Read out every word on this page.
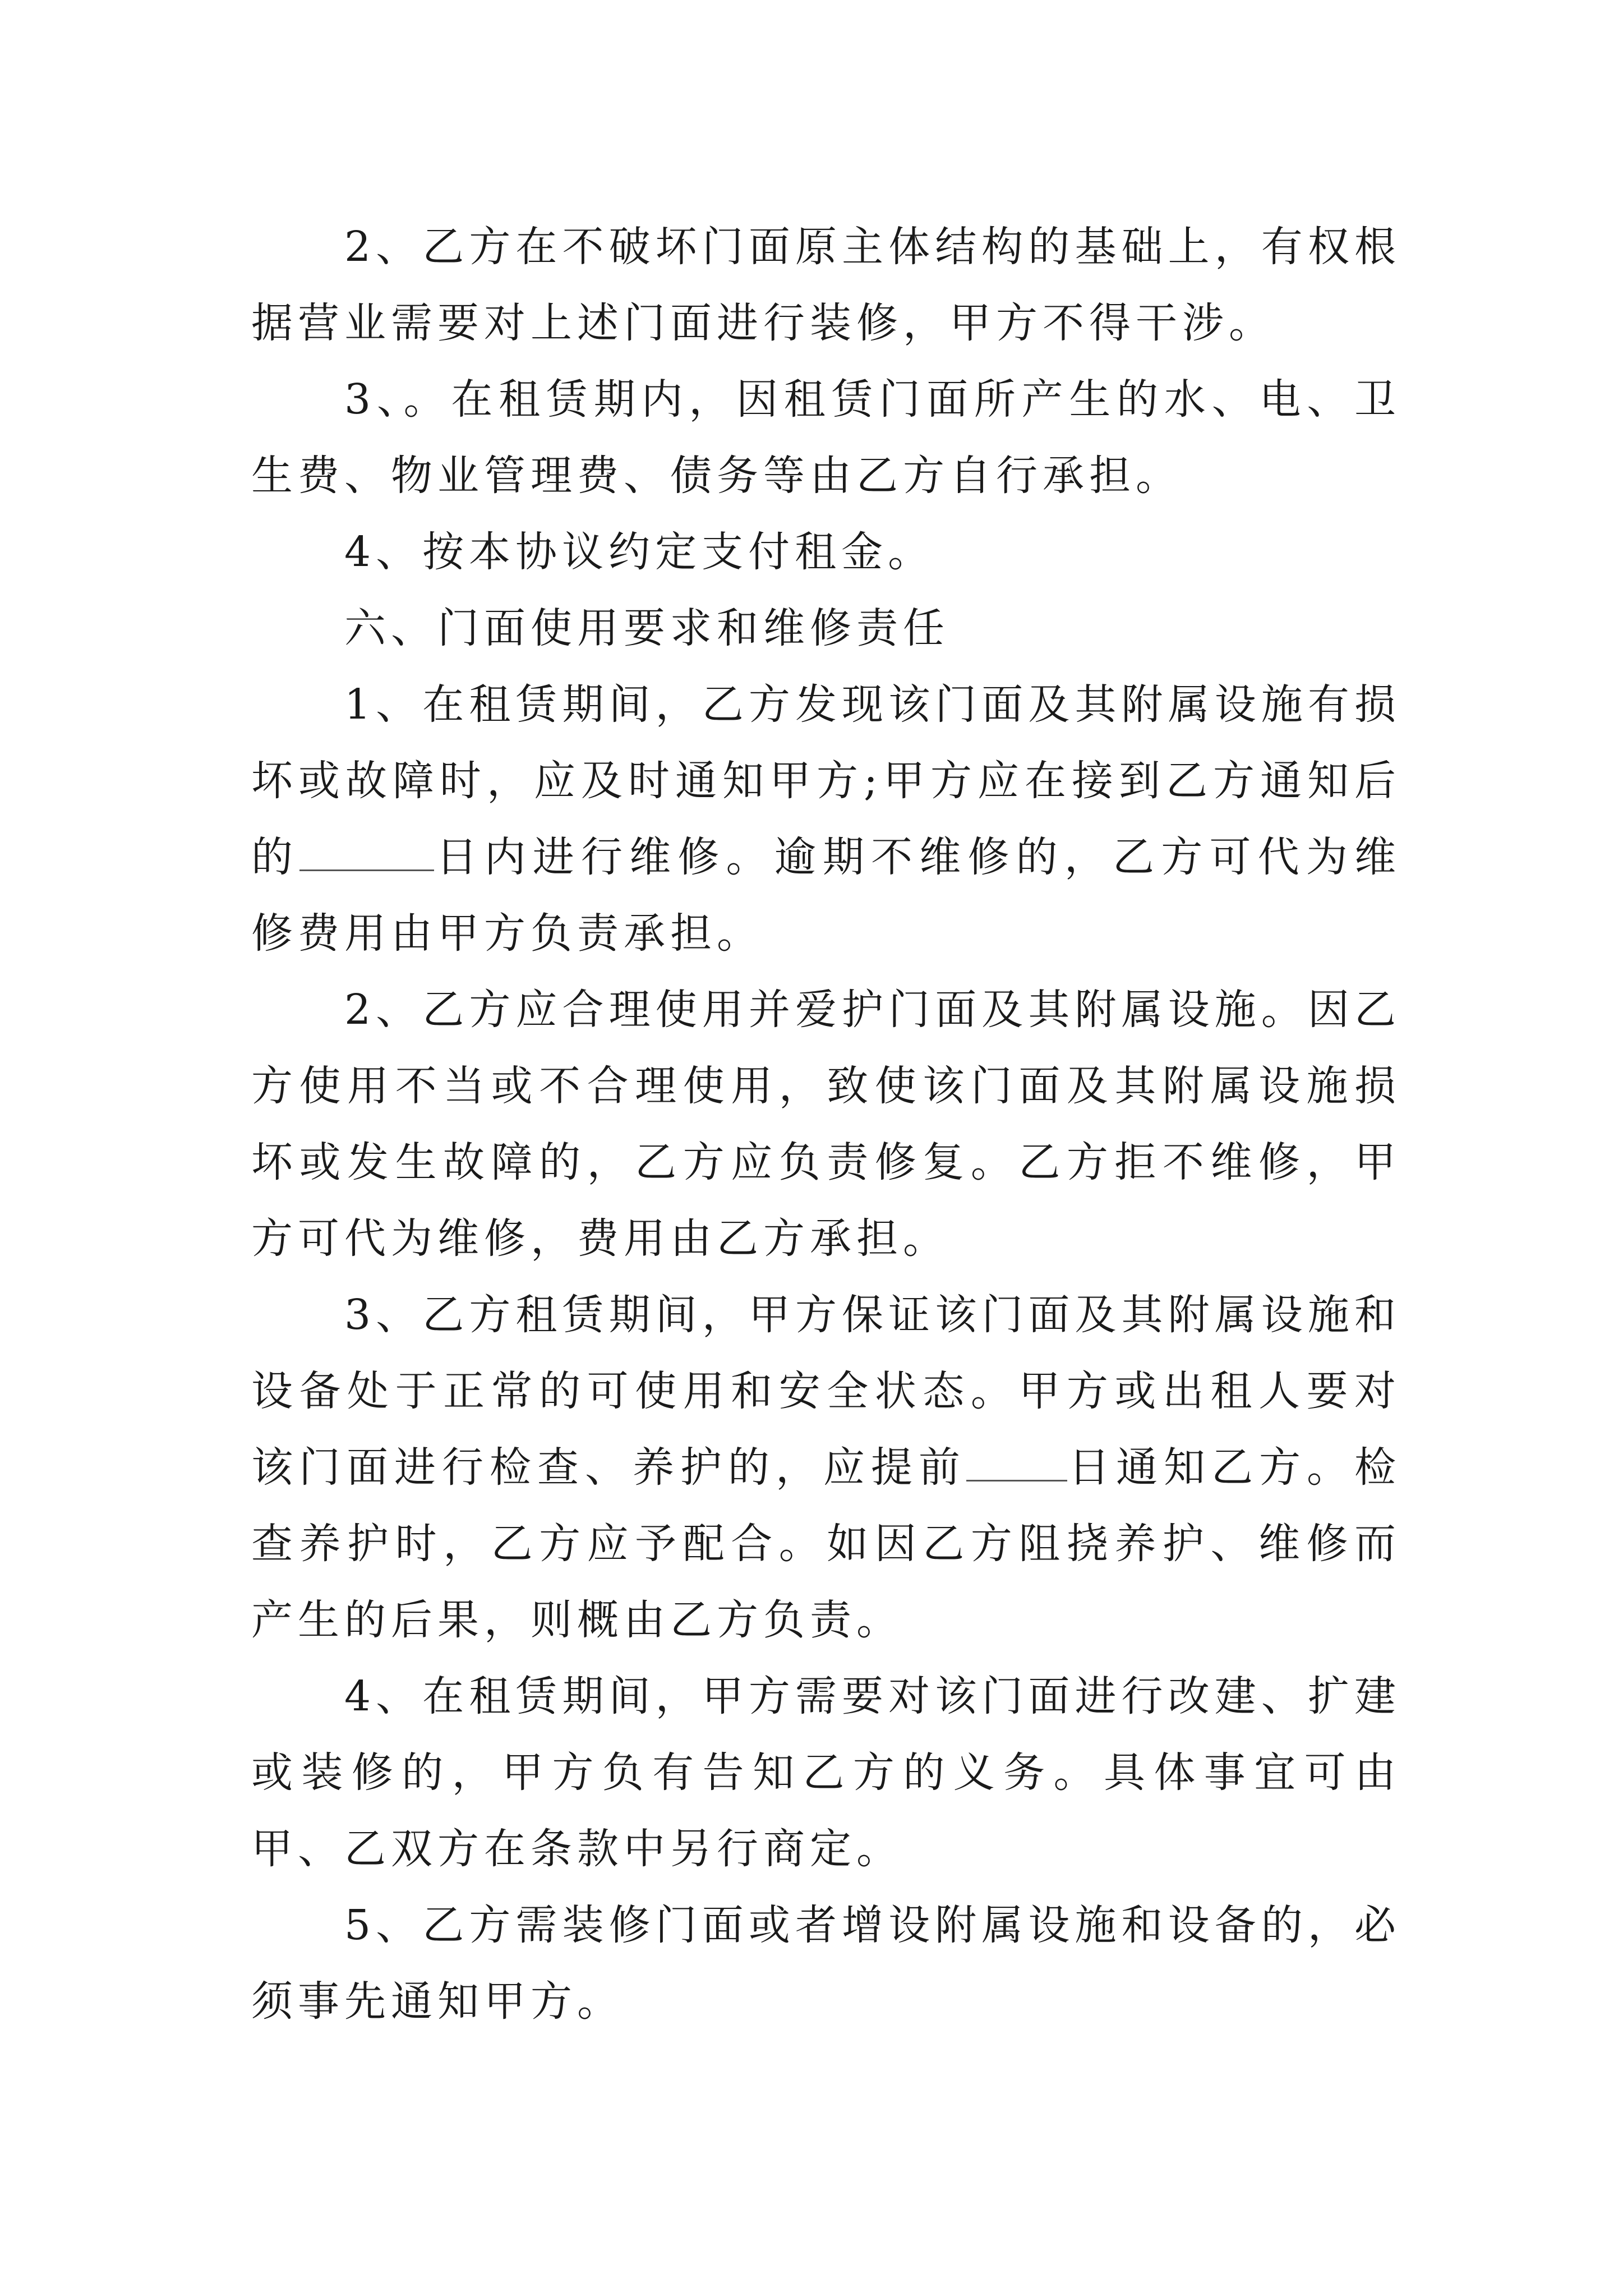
2、乙方在不破坏门面原主体结构的基础上，有权根据营业需要对上述门面进行装修，甲方不得干涉。

3、。在租赁期内，因租赁门面所产生的水、电、卫生费、物业管理费、债务等由乙方自行承担。

4、按本协议约定支付租金。

六、门面使用要求和维修责任

1、在租赁期间，乙方发现该门面及其附属设施有损坏或故障时，应及时通知甲方;甲方应在接到乙方通知后的	日内进行维修。逾期不维修的，乙方可代为维修费用由甲方负责承担。

2、乙方应合理使用并爱护门面及其附属设施。因乙方使用不当或不合理使用，致使该门面及其附属设施损坏或发生故障的，乙方应负责修复。乙方拒不维修，甲方可代为维修，费用由乙方承担。

3、乙方租赁期间，甲方保证该门面及其附属设施和设备处于正常的可使用和安全状态。甲方或出租人要对该门面进行检查、养护的，应提前 日通知乙方。检查养护时，乙方应予配合。如因乙方阻挠养护、维修而产生的后果，则概由乙方负责。

4、在租赁期间，甲方需要对该门面进行改建、扩建或装修的，甲方负有告知乙方的义务。具体事宜可由甲、乙双方在条款中另行商定。

5、乙方需装修门面或者增设附属设施和设备的，必须事先通知甲方。
